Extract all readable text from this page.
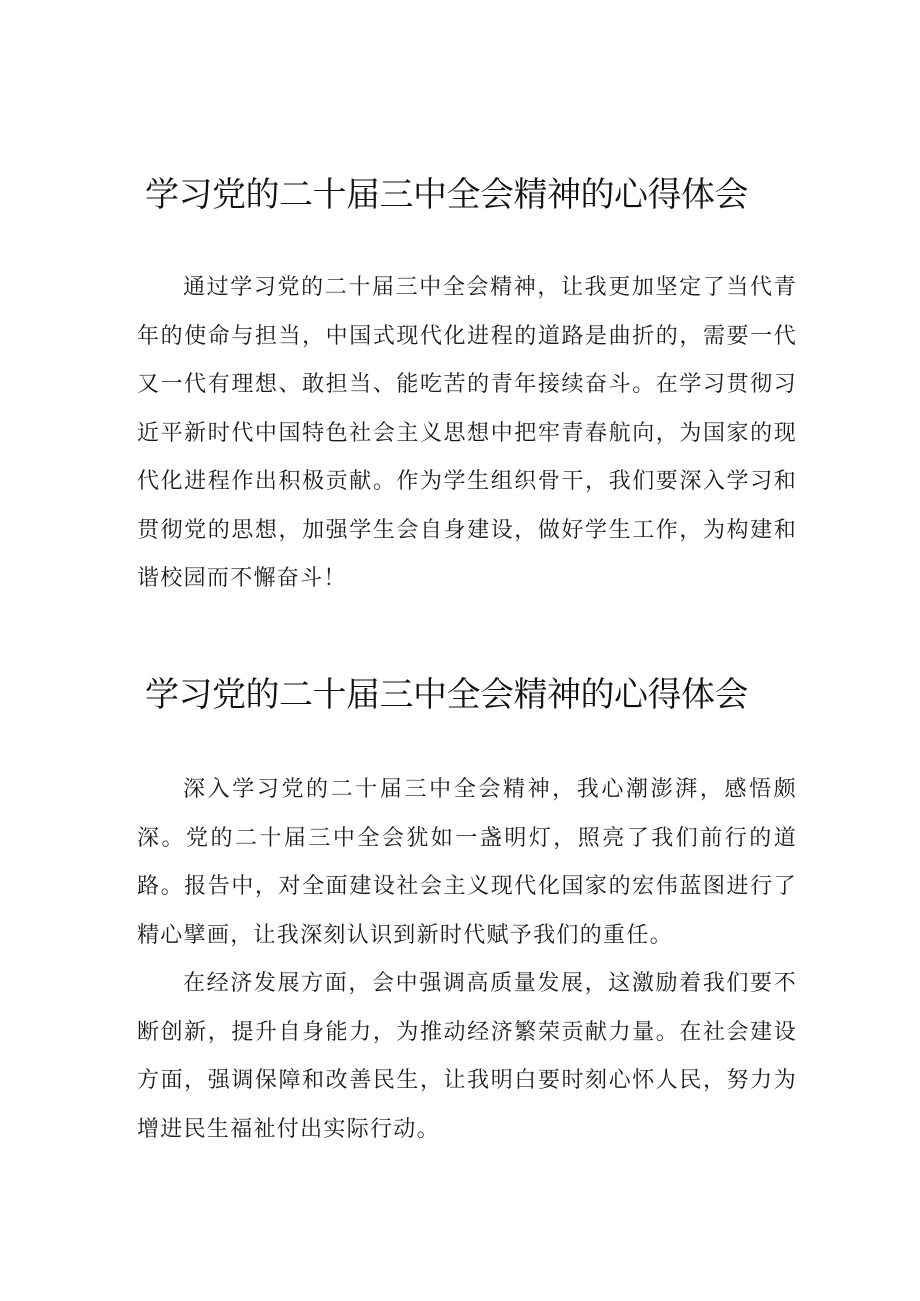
学习党的二十届三中全会精神的心得体会

通过学习党的二十届三中全会精神，让我更加坚定了当代青年的使命与担当，中国式现代化进程的道路是曲折的，需要一代又一代有理想、敢担当、能吃苦的青年接续奋斗。在学习贯彻习近平新时代中国特色社会主义思想中把牢青春航向，为国家的现代化进程作出积极贡献。作为学生组织骨干，我们要深入学习和贯彻党的思想，加强学生会自身建设，做好学生工作，为构建和谐校园而不懈奋斗！

学习党的二十届三中全会精神的心得体会

深入学习党的二十届三中全会精神，我心潮澎湃，感悟颇深。党的二十届三中全会犹如一盏明灯，照亮了我们前行的道路。报告中，对全面建设社会主义现代化国家的宏伟蓝图进行了精心擘画，让我深刻认识到新时代赋予我们的重任。

在经济发展方面，会中强调高质量发展，这激励着我们要不断创新，提升自身能力，为推动经济繁荣贡献力量。在社会建设方面，强调保障和改善民生，让我明白要时刻心怀人民，努力为增进民生福祉付出实际行动。
